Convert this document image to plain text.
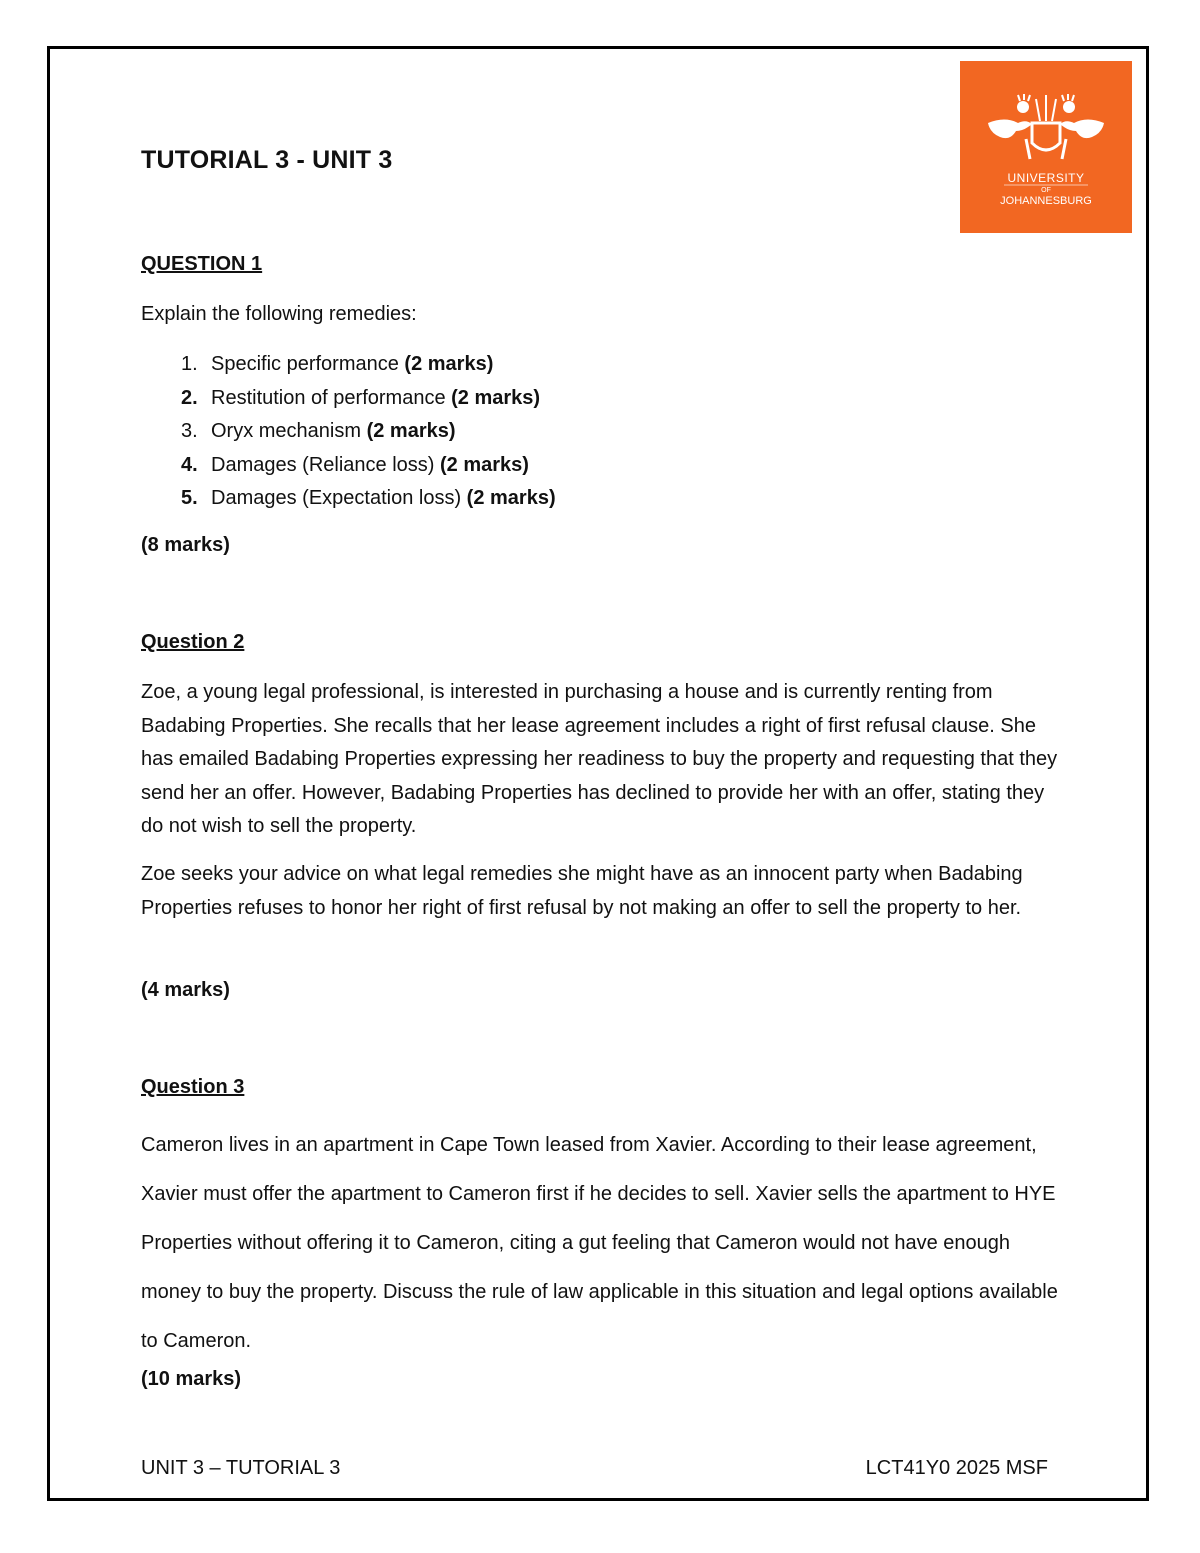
UNIVERSITY
OF
JOHANNESBURG
TUTORIAL 3 - UNIT 3
QUESTION 1

Explain the following remedies:

1. Specific performance (2 marks)
2. Restitution of performance (2 marks)
3. Oryx mechanism (2 marks)
4. Damages (Reliance loss) (2 marks)
5. Damages (Expectation loss) (2 marks)

(8 marks)

Question 2

Zoe, a young legal professional, is interested in purchasing a house and is currently renting from Badabing Properties. She recalls that her lease agreement includes a right of first refusal clause. She has emailed Badabing Properties expressing her readiness to buy the property and requesting that they send her an offer. However, Badabing Properties has declined to provide her with an offer, stating they do not wish to sell the property.

Zoe seeks your advice on what legal remedies she might have as an innocent party when Badabing Properties refuses to honor her right of first refusal by not making an offer to sell the property to her.

(4 marks)

Question 3

Cameron lives in an apartment in Cape Town leased from Xavier. According to their lease agreement, Xavier must offer the apartment to Cameron first if he decides to sell. Xavier sells the apartment to HYE Properties without offering it to Cameron, citing a gut feeling that Cameron would not have enough money to buy the property. Discuss the rule of law applicable in this situation and legal options available to Cameron.

(10 marks)

UNIT 3 – TUTORIAL 3	LCT41Y0 2025 MSF
